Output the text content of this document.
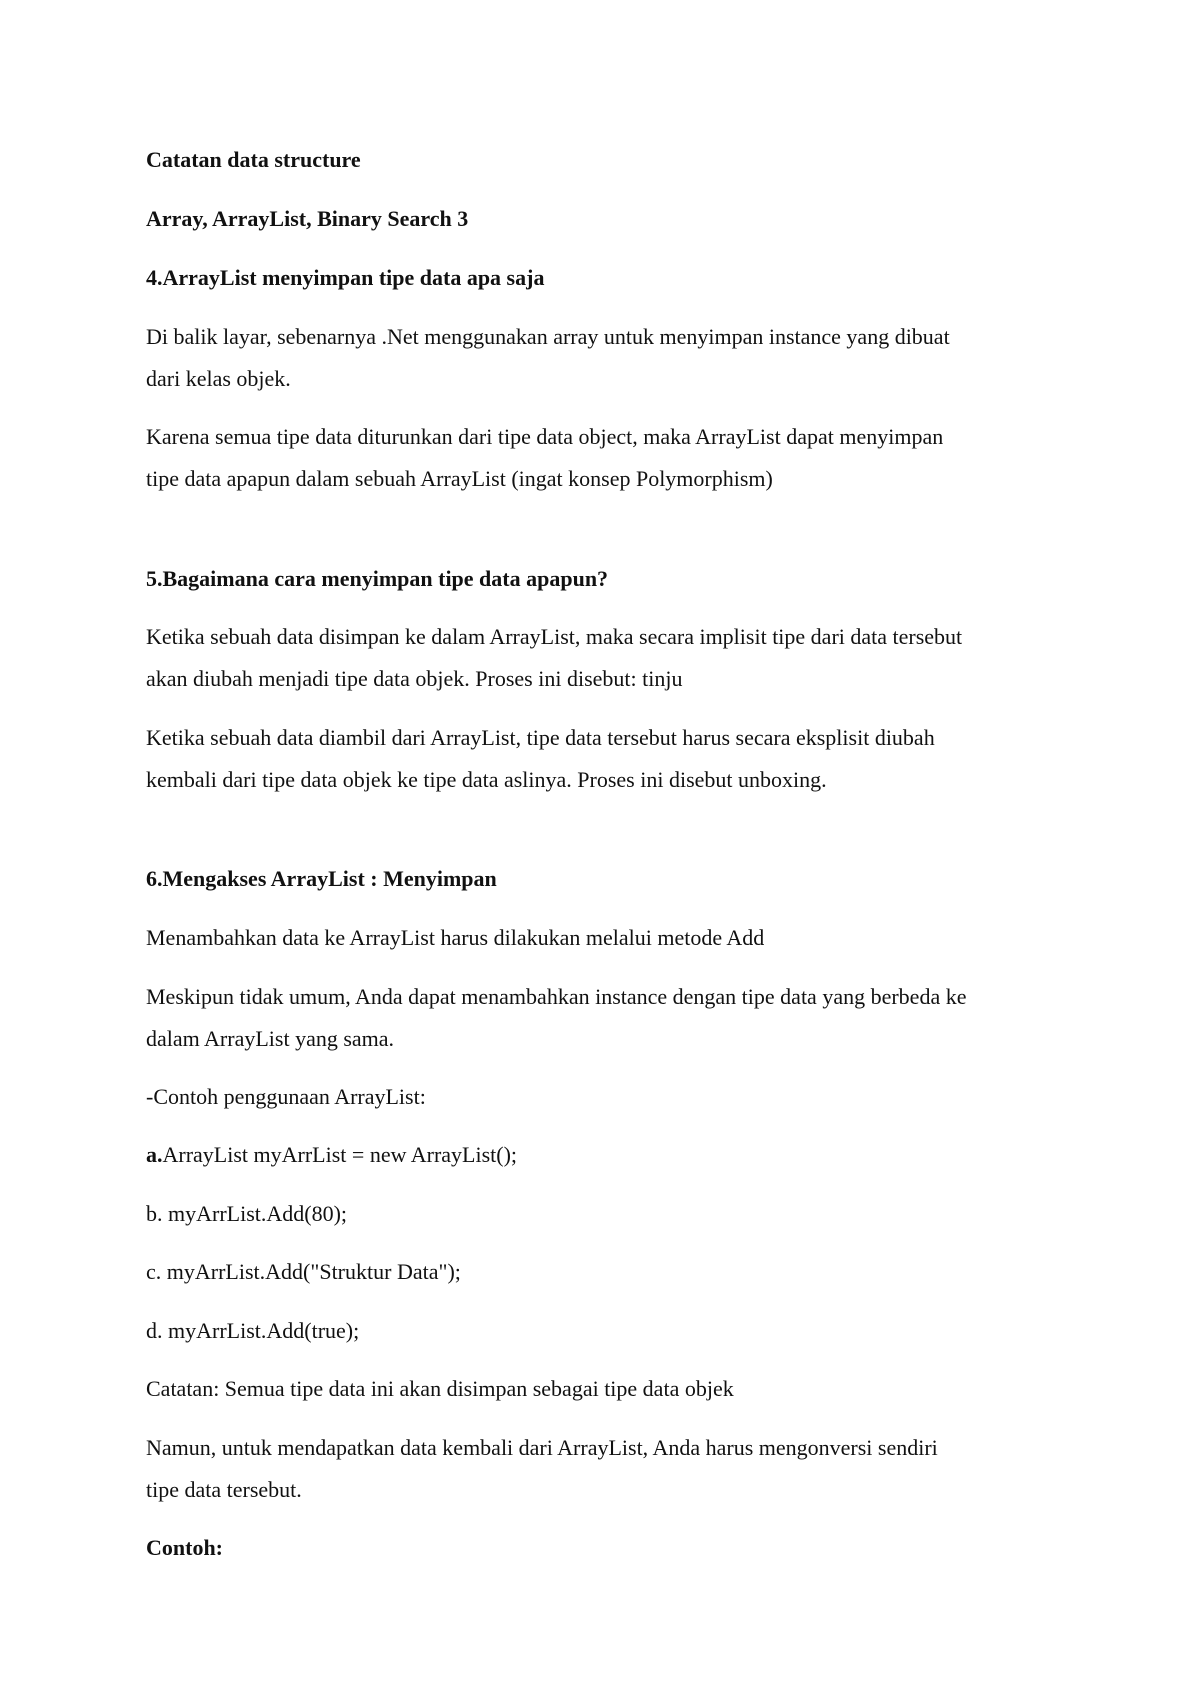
Catatan data structure

Array, ArrayList, Binary Search 3

4.ArrayList menyimpan tipe data apa saja

Di balik layar, sebenarnya .Net menggunakan array untuk menyimpan instance yang dibuat

dari kelas objek.

Karena semua tipe data diturunkan dari tipe data object, maka ArrayList dapat menyimpan

tipe data apapun dalam sebuah ArrayList (ingat konsep Polymorphism)

5.Bagaimana cara menyimpan tipe data apapun?

Ketika sebuah data disimpan ke dalam ArrayList, maka secara implisit tipe dari data tersebut

akan diubah menjadi tipe data objek. Proses ini disebut: tinju

Ketika sebuah data diambil dari ArrayList, tipe data tersebut harus secara eksplisit diubah

kembali dari tipe data objek ke tipe data aslinya. Proses ini disebut unboxing.

6.Mengakses ArrayList : Menyimpan

Menambahkan data ke ArrayList harus dilakukan melalui metode Add

Meskipun tidak umum, Anda dapat menambahkan instance dengan tipe data yang berbeda ke

dalam ArrayList yang sama.

-Contoh penggunaan ArrayList:

a.ArrayList myArrList = new ArrayList();

b. myArrList.Add(80);

c. myArrList.Add("Struktur Data");

d. myArrList.Add(true);

Catatan: Semua tipe data ini akan disimpan sebagai tipe data objek

Namun, untuk mendapatkan data kembali dari ArrayList, Anda harus mengonversi sendiri

tipe data tersebut.

Contoh:
